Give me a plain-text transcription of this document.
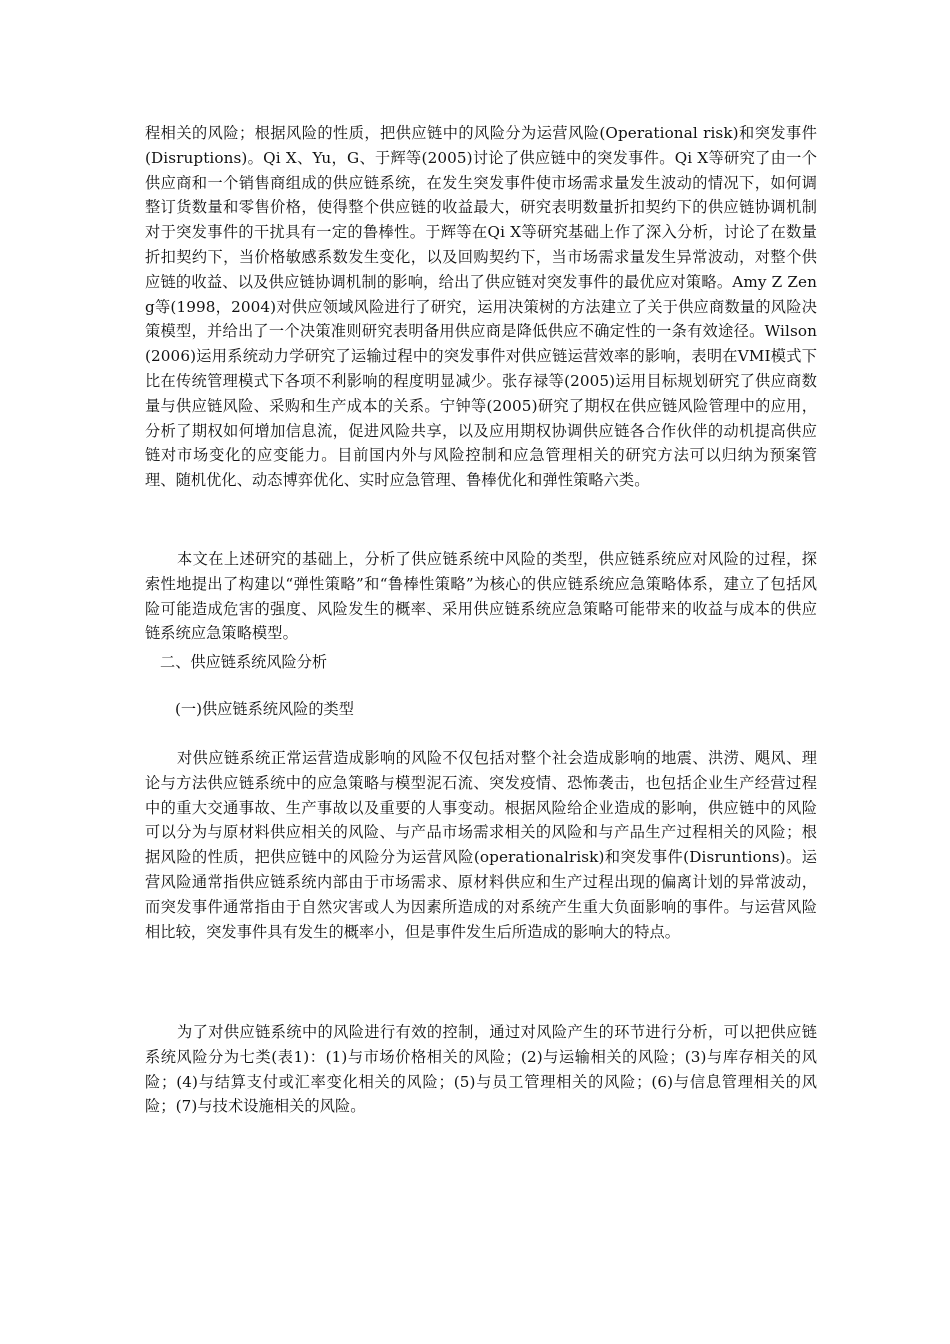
程相关的风险；根据风险的性质，把供应链中的风险分为运营风险(Operational risk)和突发事件(Disruptions)。Qi X、Yu，G、于辉等(2005)讨论了供应链中的突发事件。Qi X等研究了由一个供应商和一个销售商组成的供应链系统，在发生突发事件使市场需求量发生波动的情况下，如何调整订货数量和零售价格，使得整个供应链的收益最大，研究表明数量折扣契约下的供应链协调机制对于突发事件的干扰具有一定的鲁棒性。于辉等在Qi X等研究基础上作了深入分析，讨论了在数量折扣契约下，当价格敏感系数发生变化，以及回购契约下，当市场需求量发生异常波动，对整个供应链的收益、以及供应链协调机制的影响，给出了供应链对突发事件的最优应对策略。Amy Z Zeng等(1998，2004)对供应领域风险进行了研究，运用决策树的方法建立了关于供应商数量的风险决策模型，并给出了一个决策准则研究表明备用供应商是降低供应不确定性的一条有效途径。Wilson(2006)运用系统动力学研究了运输过程中的突发事件对供应链运营效率的影响，表明在VMI模式下比在传统管理模式下各项不利影响的程度明显减少。张存禄等(2005)运用目标规划研究了供应商数量与供应链风险、采购和生产成本的关系。宁钟等(2005)研究了期权在供应链风险管理中的应用，分析了期权如何增加信息流，促进风险共享，以及应用期权协调供应链各合作伙伴的动机提高供应链对市场变化的应变能力。目前国内外与风险控制和应急管理相关的研究方法可以归纳为预案管理、随机优化、动态博弈优化、实时应急管理、鲁棒优化和弹性策略六类。

本文在上述研究的基础上，分析了供应链系统中风险的类型，供应链系统应对风险的过程，探索性地提出了构建以“弹性策略”和“鲁棒性策略”为核心的供应链系统应急策略体系，建立了包括风险可能造成危害的强度、风险发生的概率、采用供应链系统应急策略可能带来的收益与成本的供应链系统应急策略模型。

二、供应链系统风险分析
(一)供应链系统风险的类型

对供应链系统正常运营造成影响的风险不仅包括对整个社会造成影响的地震、洪涝、飓风、理论与方法供应链系统中的应急策略与模型泥石流、突发疫情、恐怖袭击，也包括企业生产经营过程中的重大交通事故、生产事故以及重要的人事变动。根据风险给企业造成的影响，供应链中的风险可以分为与原材料供应相关的风险、与产品市场需求相关的风险和与产品生产过程相关的风险；根据风险的性质，把供应链中的风险分为运营风险(operationalrisk)和突发事件(Disruntions)。运营风险通常指供应链系统内部由于市场需求、原材料供应和生产过程出现的偏离计划的异常波动，而突发事件通常指由于自然灾害或人为因素所造成的对系统产生重大负面影响的事件。与运营风险相比较，突发事件具有发生的概率小，但是事件发生后所造成的影响大的特点。

为了对供应链系统中的风险进行有效的控制，通过对风险产生的环节进行分析，可以把供应链系统风险分为七类(表1)：(1)与市场价格相关的风险；(2)与运输相关的风险；(3)与库存相关的风险；(4)与结算支付或汇率变化相关的风险；(5)与员工管理相关的风险；(6)与信息管理相关的风险；(7)与技术设施相关的风险。
